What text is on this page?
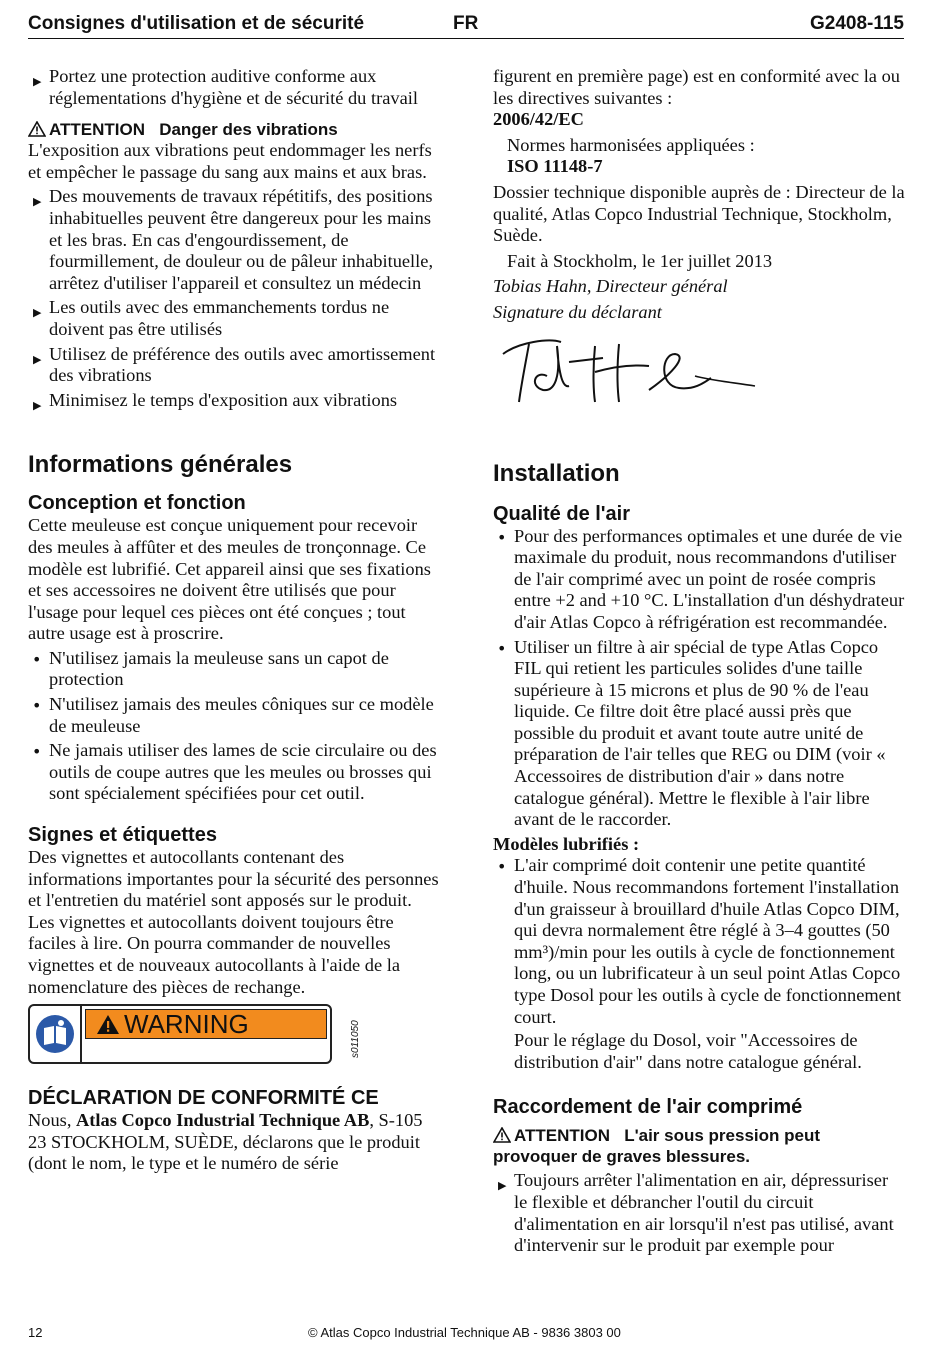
Consignes d'utilisation et de sécurité	FR	G2408-115
▶ Portez une protection auditive conforme aux réglementations d'hygiène et de sécurité du travail

ATTENTION Danger des vibrations

L'exposition aux vibrations peut endommager les nerfs et empêcher le passage du sang aux mains et aux bras.

▶ Des mouvements de travaux répétitifs, des positions inhabituelles peuvent être dangereux pour les mains et les bras. En cas d'engourdissement, de fourmillement, de douleur ou de pâleur inhabituelle, arrêtez d'utiliser l'appareil et consultez un médecin
▶ Les outils avec des emmanchements tordus ne doivent pas être utilisés
▶ Utilisez de préférence des outils avec amortissement des vibrations
▶ Minimisez le temps d'exposition aux vibrations
Informations générales
Conception et fonction

Cette meuleuse est conçue uniquement pour recevoir des meules à affûter et des meules de tronçonnage. Ce modèle est lubrifié. Cet appareil ainsi que ses fixations et ses accessoires ne doivent être utilisés que pour l'usage pour lequel ces pièces ont été conçues ; tout autre usage est à proscrire.

• N'utilisez jamais la meuleuse sans un capot de protection
• N'utilisez jamais des meules côniques sur ce modèle de meuleuse
• Ne jamais utiliser des lames de scie circulaire ou des outils de coupe autres que les meules ou brosses qui sont spécialement spécifiées pour cet outil.
Signes et étiquettes

Des vignettes et autocollants contenant des informations importantes pour la sécurité des personnes et l'entretien du matériel sont apposés sur le produit. Les vignettes et autocollants doivent toujours être faciles à lire. On pourra commander de nouvelles vignettes et de nouveaux autocollants à l'aide de la nomenclature des pièces de rechange.

WARNING	s011050
DÉCLARATION DE CONFORMITÉ CE

Nous, Atlas Copco Industrial Technique AB, S-105 23 STOCKHOLM, SUÈDE, déclarons que le produit (dont le nom, le type et le numéro de série

figurent en première page) est en conformité avec la ou les directives suivantes :

2006/42/EC

Normes harmonisées appliquées :

ISO 11148-7

Dossier technique disponible auprès de : Directeur de la qualité, Atlas Copco Industrial Technique, Stockholm, Suède.

Fait à Stockholm, le 1er juillet 2013

Tobias Hahn, Directeur général

Signature du déclarant

Installation
Qualité de l'air
• Pour des performances optimales et une durée de vie maximale du produit, nous recommandons d'utiliser de l'air comprimé avec un point de rosée compris entre +2 and +10 °C. L'installation d'un déshydrateur d'air Atlas Copco à réfrigération est recommandée.
• Utiliser un filtre à air spécial de type Atlas Copco FIL qui retient les particules solides d'une taille supérieure à 15 microns et plus de 90 % de l'eau liquide. Ce filtre doit être placé aussi près que possible du produit et avant toute autre unité de préparation de l'air telles que REG ou DIM (voir « Accessoires de distribution d'air » dans notre catalogue général). Mettre le flexible à l'air libre avant de le raccorder.

Modèles lubrifiés :

• L'air comprimé doit contenir une petite quantité d'huile. Nous recommandons fortement l'installation d'un graisseur à brouillard d'huile Atlas Copco DIM, qui devra normalement être réglé à 3–4 gouttes (50 mm³)/min pour les outils à cycle de fonctionnement long, ou un lubrificateur à un seul point Atlas Copco type Dosol pour les outils à cycle de fonctionnement court.

Pour le réglage du Dosol, voir "Accessoires de distribution d'air" dans notre catalogue général.

Raccordement de l'air comprimé

ATTENTION L'air sous pression peut provoquer de graves blessures.

▶ Toujours arrêter l'alimentation en air, dépressuriser le flexible et débrancher l'outil du circuit d'alimentation en air lorsqu'il n'est pas utilisé, avant d'intervenir sur le produit par exemple pour
12	© Atlas Copco Industrial Technique AB - 9836 3803 00
